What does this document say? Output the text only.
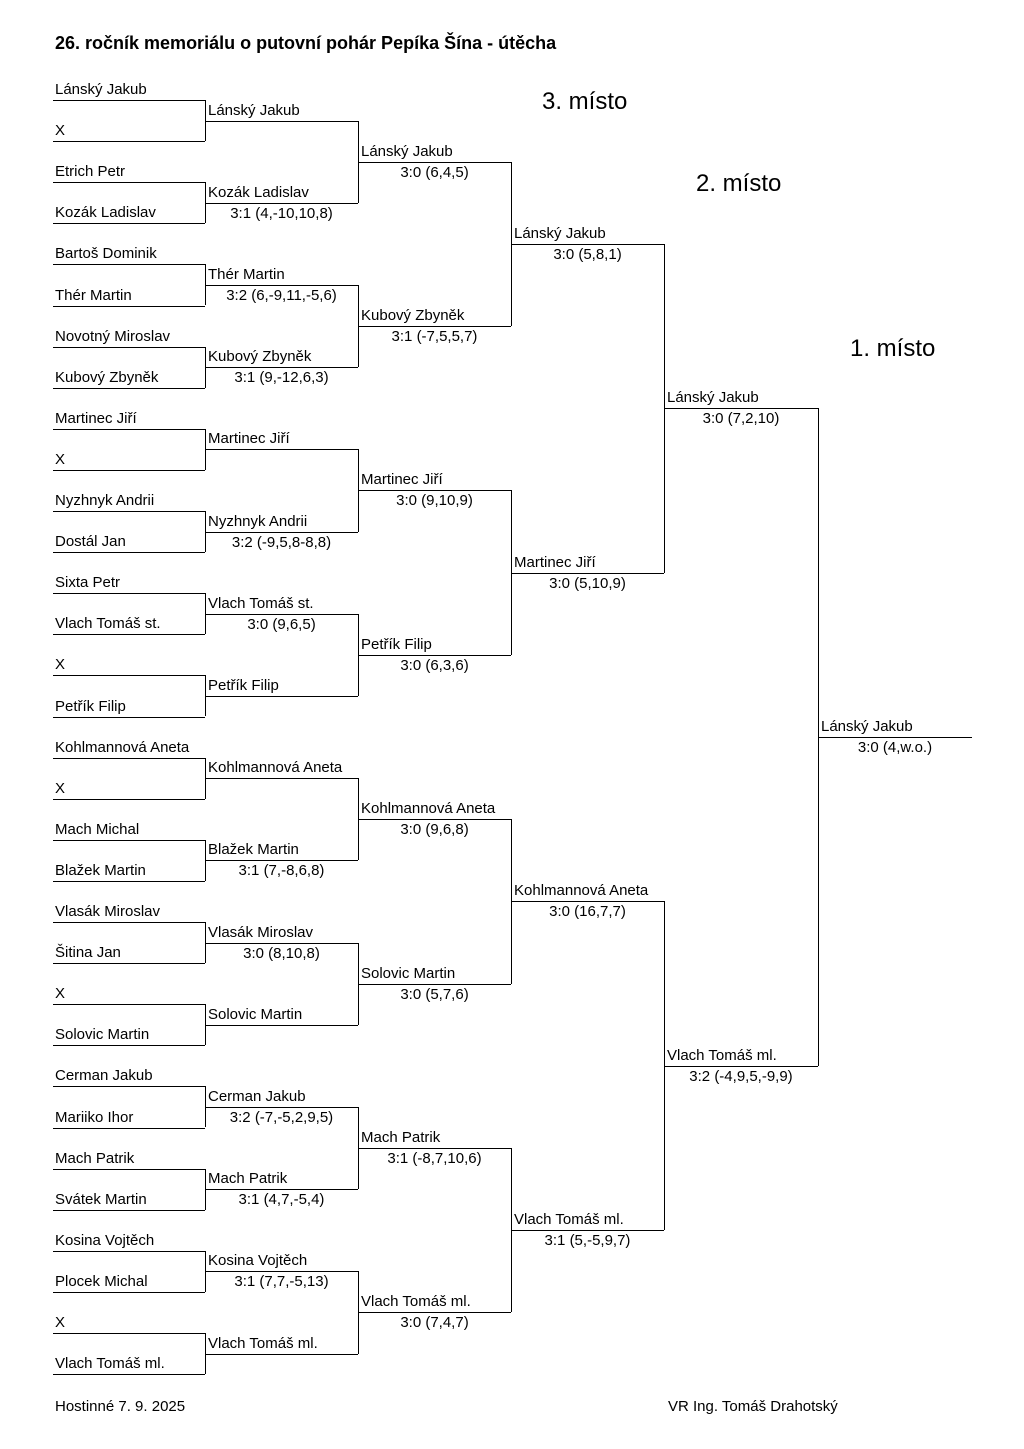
26. ročník memoriálu o putovní pohár Pepíka Šína - útěcha
3. místo
2. místo
1. místo
Hostinné 7. 9. 2025	VR Ing. Tomáš Drahotský
Lánský Jakub
X
Etrich Petr
Kozák Ladislav
Bartoš Dominik
Thér Martin
Novotný Miroslav
Kubový Zbyněk
Martinec Jiří
X
Nyzhnyk Andrii
Dostál Jan
Sixta Petr
Vlach Tomáš st.
X
Petřík Filip
Kohlmannová Aneta
X
Mach Michal
Blažek Martin
Vlasák Miroslav
Šitina Jan
X
Solovic Martin
Cerman Jakub
Mariiko Ihor
Mach Patrik
Svátek Martin
Kosina Vojtěch
Plocek Michal
X
Vlach Tomáš ml.
Lánský Jakub
Kozák Ladislav
3:1 (4,-10,10,8)
Thér Martin
3:2 (6,-9,11,-5,6)
Kubový Zbyněk
3:1 (9,-12,6,3)
Martinec Jiří
Nyzhnyk Andrii
3:2 (-9,5,8-8,8)
Vlach Tomáš st.
3:0 (9,6,5)
Petřík Filip
Kohlmannová Aneta
Blažek Martin
3:1 (7,-8,6,8)
Vlasák Miroslav
3:0 (8,10,8)
Solovic Martin
Cerman Jakub
3:2 (-7,-5,2,9,5)
Mach Patrik
3:1 (4,7,-5,4)
Kosina Vojtěch
3:1 (7,7,-5,13)
Vlach Tomáš ml.
Lánský Jakub
3:0 (6,4,5)
Kubový Zbyněk
3:1 (-7,5,5,7)
Martinec Jiří
3:0 (9,10,9)
Petřík Filip
3:0 (6,3,6)
Kohlmannová Aneta
3:0 (9,6,8)
Solovic Martin
3:0 (5,7,6)
Mach Patrik
3:1 (-8,7,10,6)
Vlach Tomáš ml.
3:0 (7,4,7)
Lánský Jakub
3:0 (5,8,1)
Martinec Jiří
3:0 (5,10,9)
Kohlmannová Aneta
3:0 (16,7,7)
Vlach Tomáš ml.
3:1 (5,-5,9,7)
Lánský Jakub
3:0 (7,2,10)
Vlach Tomáš ml.
3:2 (-4,9,5,-9,9)
Lánský Jakub
3:0 (4,w.o.)
